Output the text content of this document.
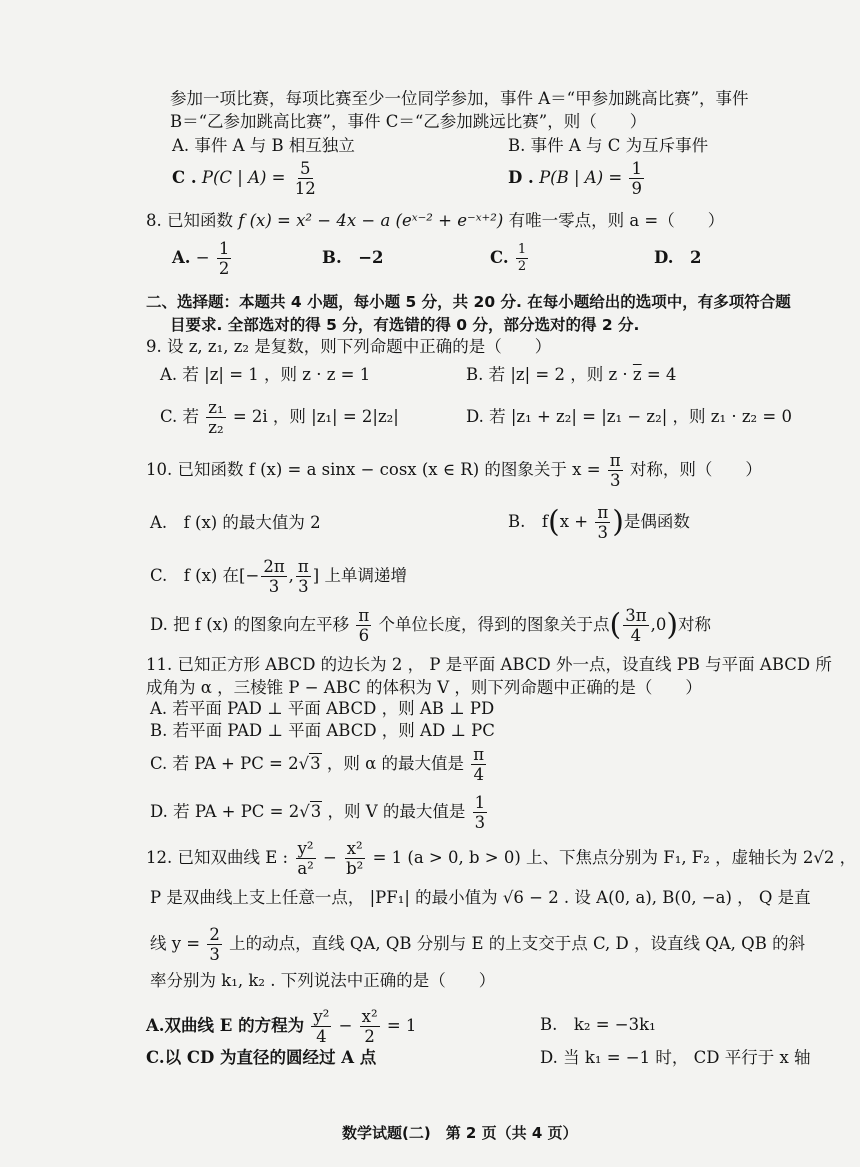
参加一项比赛，每项比赛至少一位同学参加，事件 A＝“甲参加跳高比赛”，事件
B＝“乙参加跳高比赛”，事件 C＝“乙参加跳远比赛”，则（　　）
A. 事件 A 与 B 相互独立	B. 事件 A 与 C 为互斥事件
C . P(C | $A) = \frac{5}{12}$	D . P(B | $A) = \frac{1}{9}$
8. 已知函数 f (x) = x² − 4x − a (eˣ⁻² + e⁻ˣ⁺²) 有唯一零点，则 a =（　　）
A. − $\frac{1}{2}$	B.　−2	C. $\frac{1}{2}$	D.　2
二、选择题：本题共 4 小题，每小题 5 分，共 20 分. 在每小题给出的选项中，有多项符合题
目要求. 全部选对的得 5 分，有选错的得 0 分，部分选对的得 2 分.
9. 设 z, z₁, z₂ 是复数，则下列命题中正确的是（　　）
A. 若 |z| = 1 ，则 z · z = 1	B. 若 |z| = 2 ，则 $z \cdot \overline{z} = 4$
C. 若 $\frac{\text{z₁}}{\text{z₂}} = 2i$ ，则 |z₁| = 2|z₂|	D. 若 |z₁ + z₂| = |z₁ − z₂| ，则 z₁ · z₂ = 0
10. 已知函数 f (x) = a sinx − cosx (x ∈ R) 的图象关于 $x = \frac{\pi}{3}$ 对称，则（　　）
A.　f (x) 的最大值为 2	B.　$f(x + \frac{\pi}{3}$ )是偶函数
C.　f (x) 在[− $\frac{2\pi}{3}$ , $\frac{\pi}{3}$ ] 上单调递增
D. 把 f (x) 的图象向左平移 $\frac{\pi}{6}$ 个单位长度，得到的图象关于点( $\frac{3\pi}{4} ,0$)对称
11. 已知正方形 ABCD 的边长为 2 ， P 是平面 ABCD 外一点，设直线 PB 与平面 ABCD 所
成角为 α ，三棱锥 P − ABC 的体积为 V ，则下列命题中正确的是（　　）
A. 若平面 PAD ⊥ 平面 ABCD ，则 AB ⊥ PD
B. 若平面 PAD ⊥ 平面 ABCD ，则 AD ⊥ PC
C. 若 PA + PC = 2√3 ，则 α 的最大值是 $\frac{\pi}{4}$
D. 若 PA + PC = 2√3 ，则 V 的最大值是 $\frac{1}{3}$
12. 已知双曲线 E : $\frac{\text{y²}}{\text{a²}} - \frac{\text{x²}}{\text{b²}} = 1$ (a > 0, b > 0) 上、下焦点分别为 F₁, F₂ ，虚轴长为 2√2 ，
P 是双曲线上支上任意一点， |PF₁| 的最小值为 √6 − 2 . 设 A(0, a), B(0, −a) ， Q 是直
线 $y = \frac{2}{3}$ 上的动点，直线 QA, QB 分别与 E 的上支交于点 C, D ，设直线 QA, QB 的斜
率分别为 k₁, k₂ . 下列说法中正确的是（　　）
A.双曲线 E 的方程为 $\frac{\text{y²}}{4} - \frac{\text{x²}}{2} = 1$	B.　k₂ = −3k₁
C.以 CD 为直径的圆经过 A 点	D. 当 k₁ = −1 时， CD 平行于 x 轴
数学试题(二)　第 2 页（共 4 页）
